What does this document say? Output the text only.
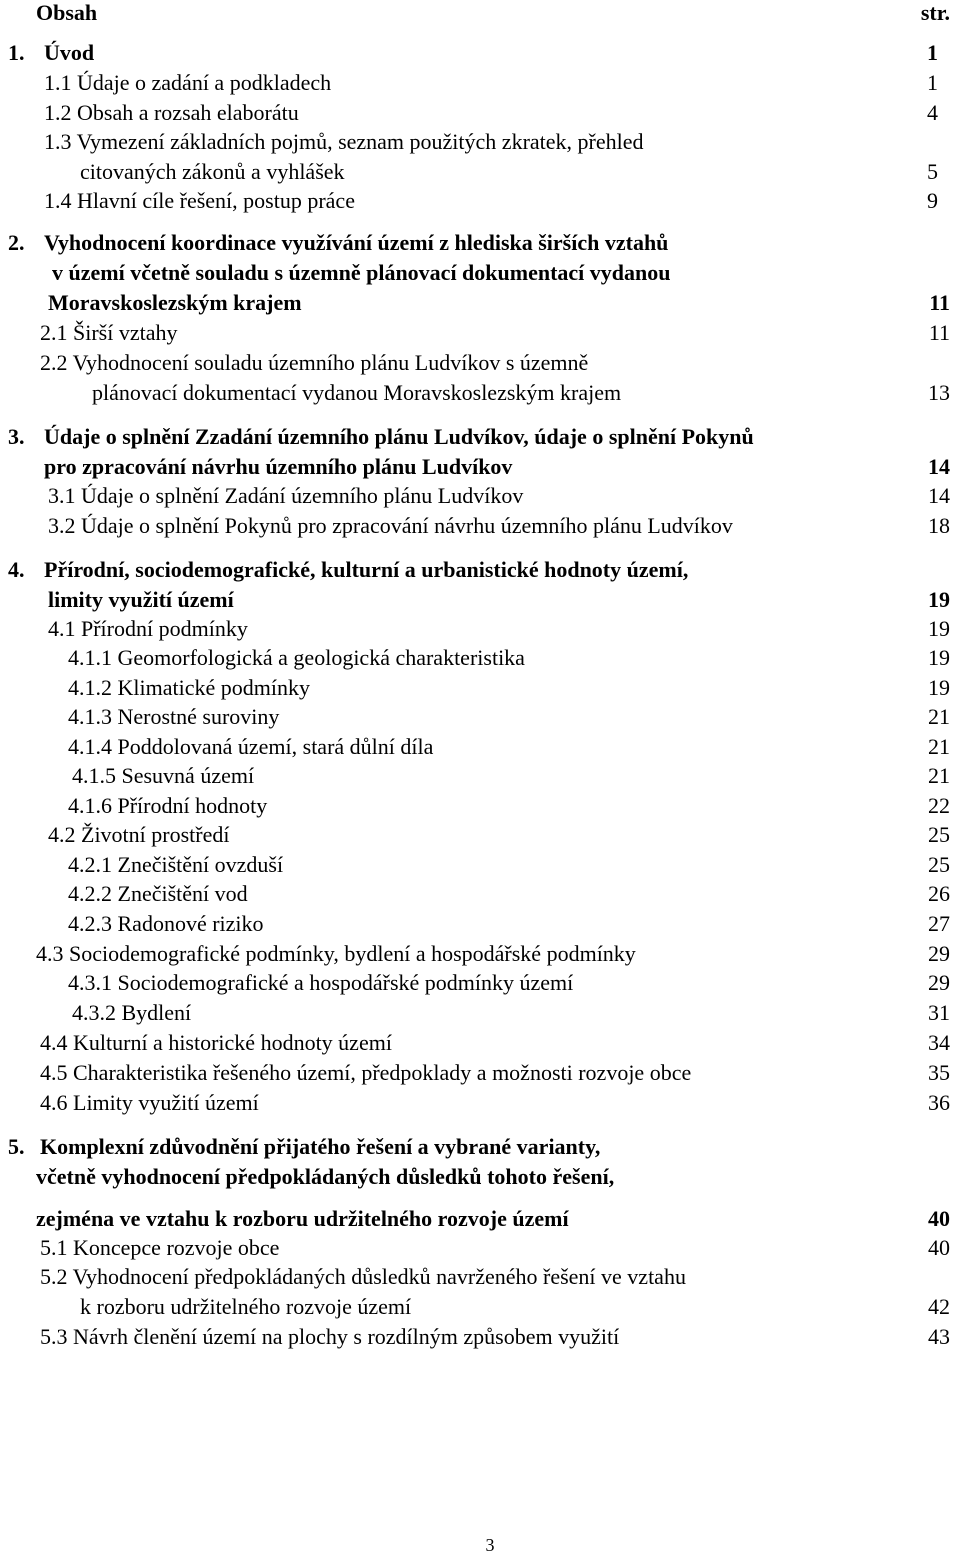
Obsah	str.
1. Úvod	1
1.1 Údaje o zadání a podkladech	1
1.2 Obsah a rozsah elaborátu	4
1.3 Vymezení základních pojmů, seznam použitých zkratek, přehled
citovaných zákonů a vyhlášek	5
1.4 Hlavní cíle řešení, postup práce	9
2. Vyhodnocení koordinace využívání území z hlediska širších vztahů
v území včetně souladu s územně plánovací dokumentací vydanou
Moravskoslezským krajem	11
2.1 Širší vztahy	11
2.2 Vyhodnocení souladu územního plánu Ludvíkov s územně
plánovací dokumentací vydanou Moravskoslezským krajem	13
3. Údaje o splnění Zzadání územního plánu Ludvíkov, údaje o splnění Pokynů
pro zpracování návrhu územního plánu Ludvíkov	14
3.1 Údaje o splnění Zadání územního plánu Ludvíkov	14
3.2 Údaje o splnění Pokynů pro zpracování návrhu územního plánu Ludvíkov	18
4. Přírodní, sociodemografické, kulturní a urbanistické hodnoty území,
limity využití území	19
4.1 Přírodní podmínky	19
4.1.1 Geomorfologická a geologická charakteristika	19
4.1.2 Klimatické podmínky	19
4.1.3 Nerostné suroviny	21
4.1.4 Poddolovaná území, stará důlní díla	21
4.1.5 Sesuvná území	21
4.1.6 Přírodní hodnoty	22
4.2 Životní prostředí	25
4.2.1 Znečištění ovzduší	25
4.2.2 Znečištění vod	26
4.2.3 Radonové riziko	27
4.3 Sociodemografické podmínky, bydlení a hospodářské podmínky	29
4.3.1 Sociodemografické a hospodářské podmínky území	29
4.3.2 Bydlení	31
4.4 Kulturní a historické hodnoty území	34
4.5 Charakteristika řešeného území, předpoklady a možnosti rozvoje obce	35
4.6 Limity využití území	36
5. Komplexní zdůvodnění přijatého řešení a vybrané varianty,
včetně vyhodnocení předpokládaných důsledků tohoto řešení,
zejména ve vztahu k rozboru udržitelného rozvoje území	40
5.1 Koncepce rozvoje obce	40
5.2 Vyhodnocení předpokládaných důsledků navrženého řešení ve vztahu
k rozboru udržitelného rozvoje území	42
5.3 Návrh členění území na plochy s rozdílným způsobem využití	43
3
